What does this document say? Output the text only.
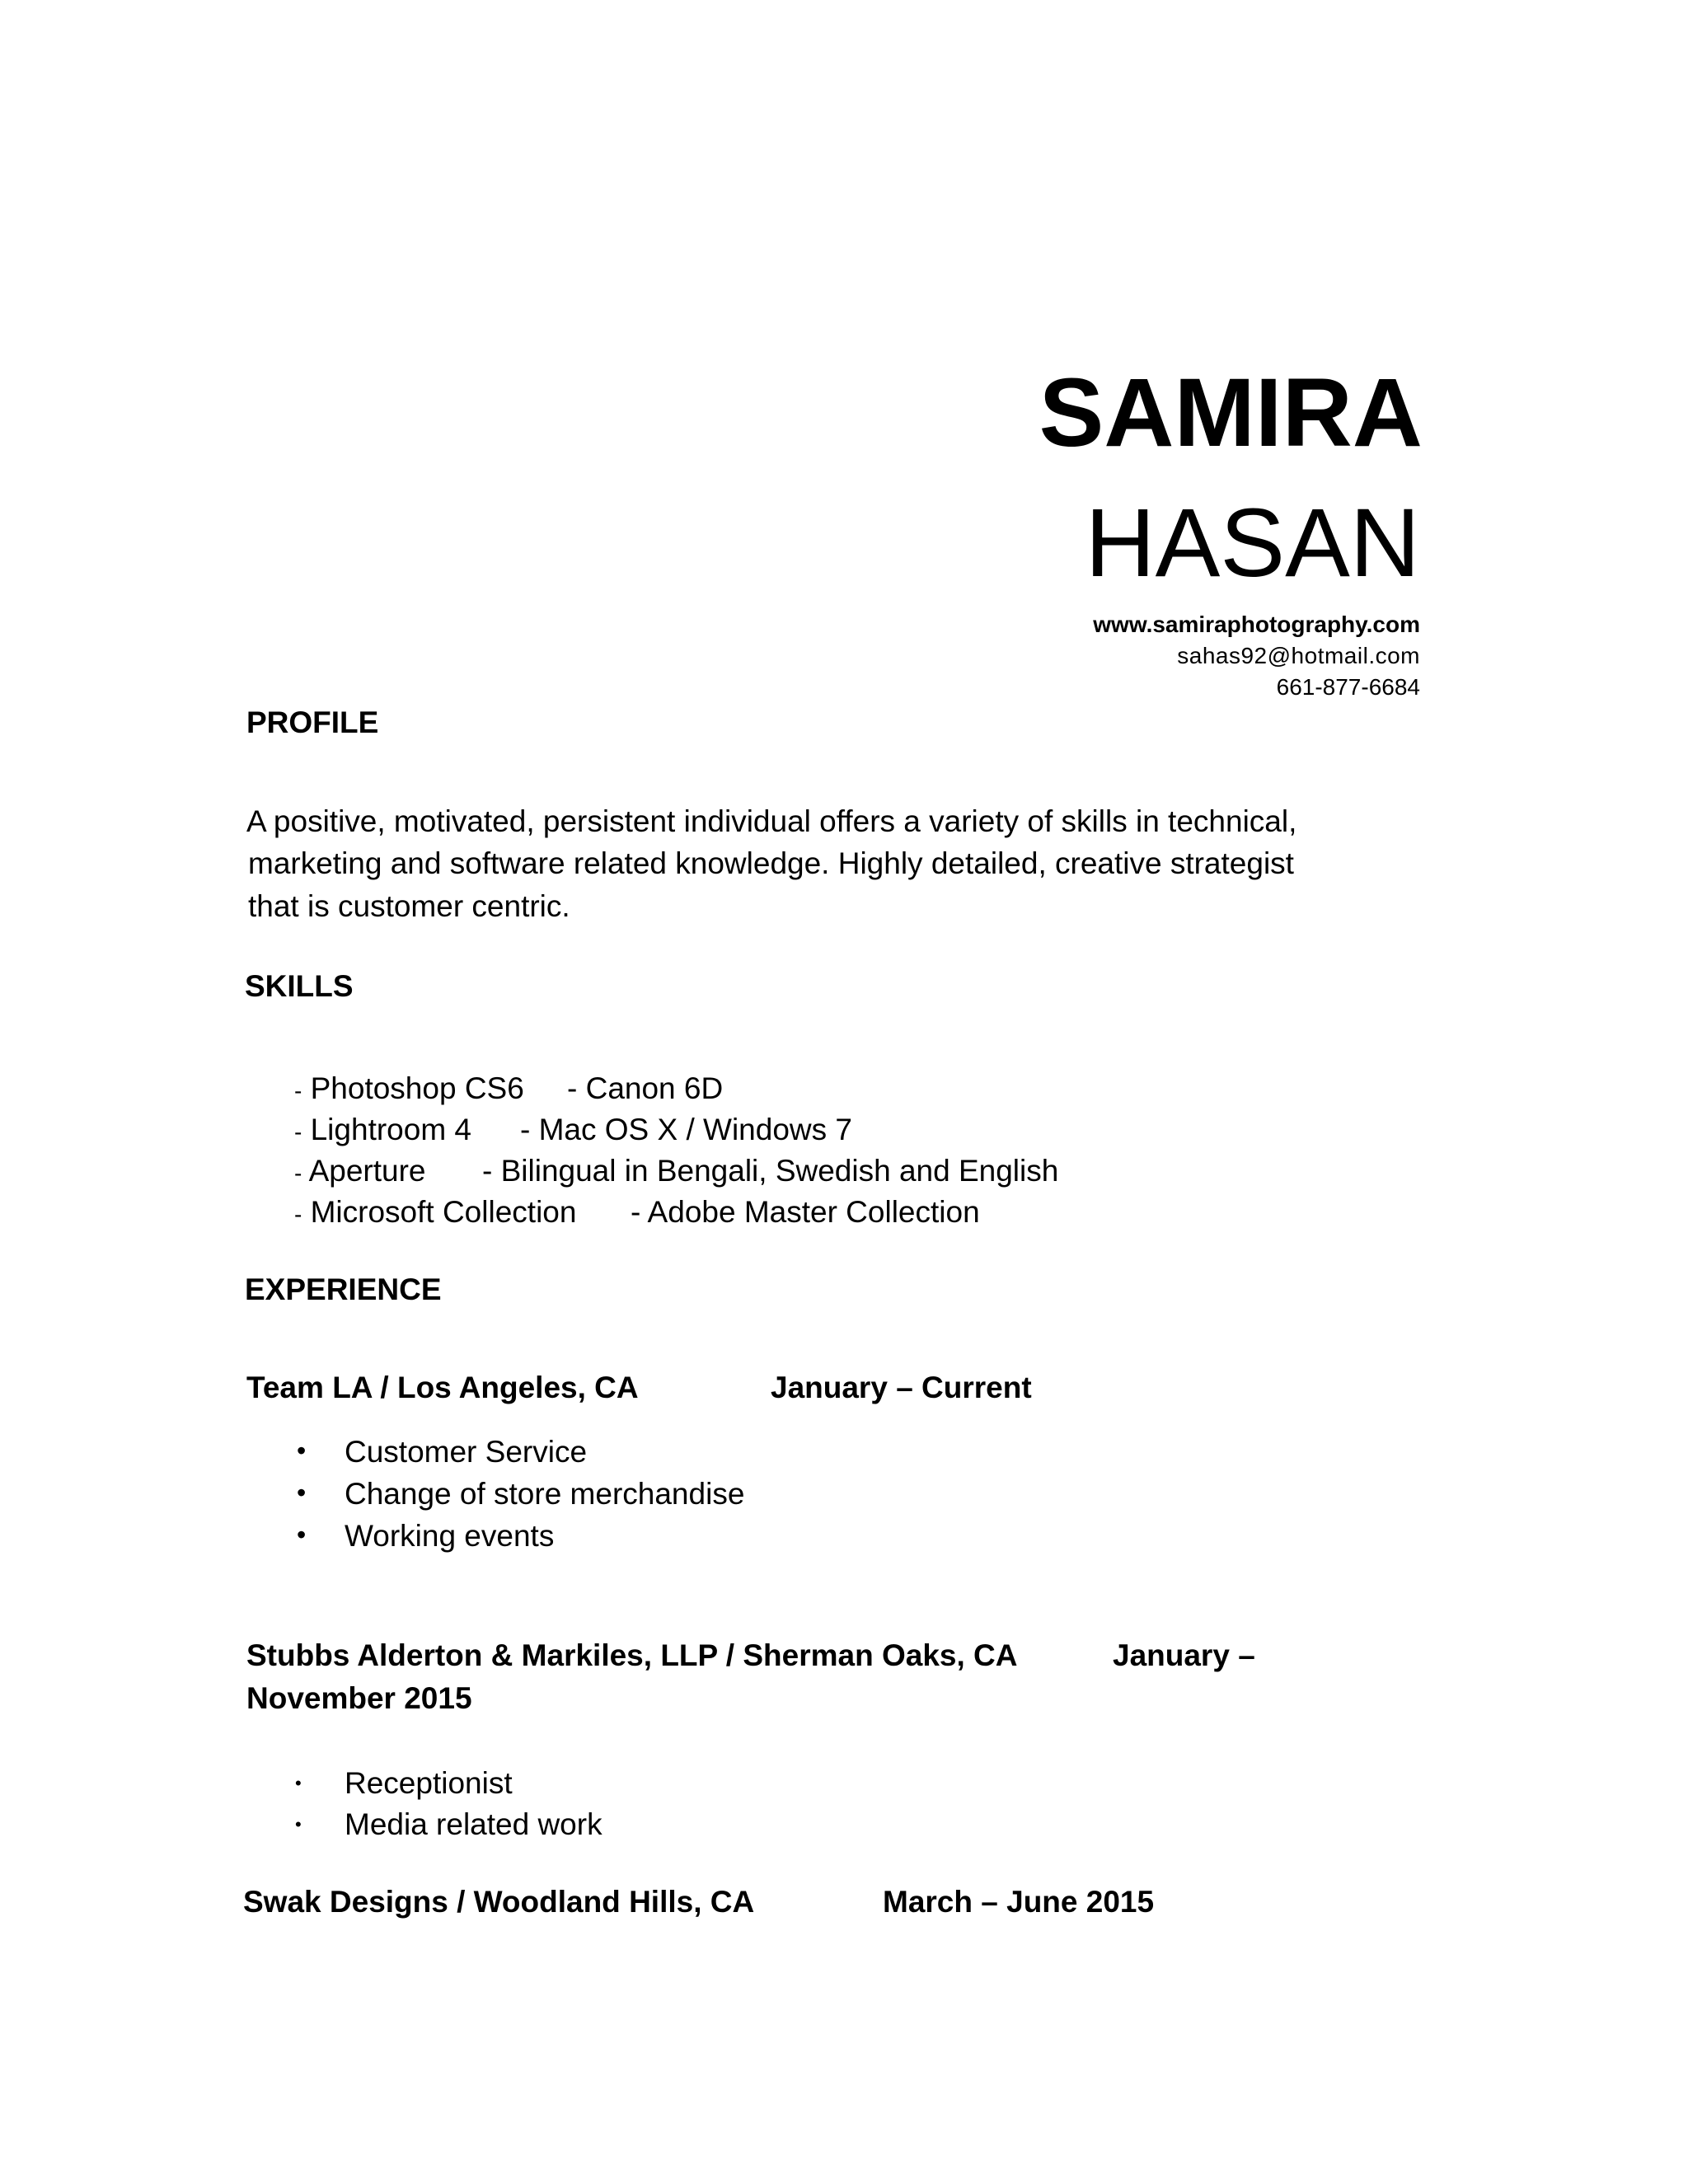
SAMIRA
HASAN
www.samiraphotography.com
sahas92@hotmail.com
661-877-6684
PROFILE
A positive, motivated, persistent individual offers a variety of skills in technical,
marketing and software related knowledge. Highly detailed, creative strategist
that is customer centric.
SKILLS
- Photoshop CS6 - Canon 6D
- Lightroom 4 - Mac OS X / Windows 7
- Aperture - Bilingual in Bengali, Swedish and English
- Microsoft Collection - Adobe Master Collection
EXPERIENCE
Team LA / Los Angeles, CA	January – Current
• Customer Service
• Change of store merchandise
• Working events
Stubbs Alderton & Markiles, LLP / Sherman Oaks, CA	January –
November 2015
• Receptionist
• Media related work
Swak Designs / Woodland Hills, CA	March – June 2015
